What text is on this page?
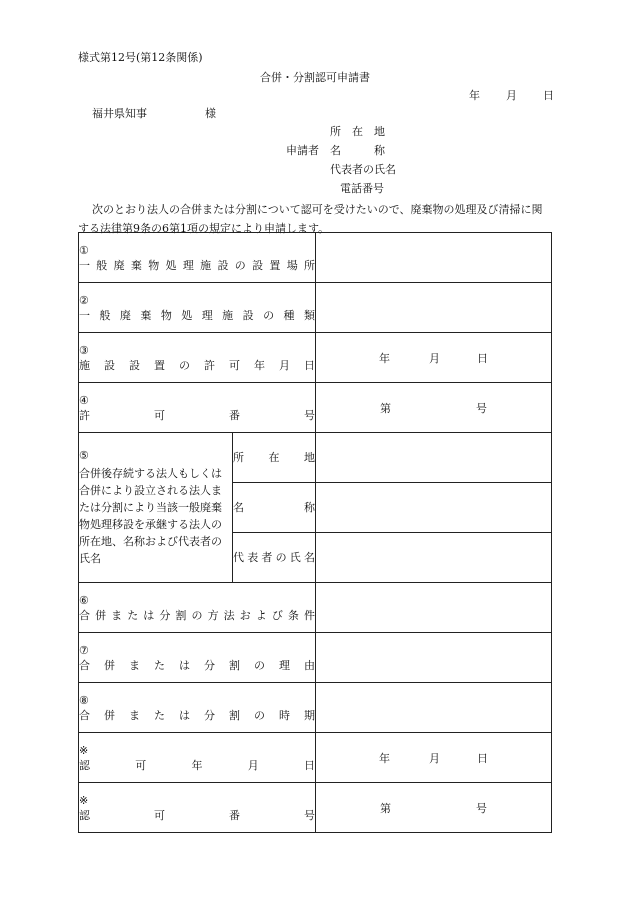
様式第12号(第12条関係)
合併・分割認可申請書
年 月 日
福井県知事	様
所　在　地
申請者	名　　　称
代表者の氏名
電話番号
次のとおり法人の合併または分割について認可を受けたいので、廃棄物の処理及び清掃に関する法律第9条の6第1項の規定により申請します。
①
一般廃棄物処理施設の設置場所		

②
一般廃棄物処理施設の種類		

③
施設設置の許可年月日		年 月 日

④
許可番号		第 号

⑤
合併後存続する法人もしくは合併により設立される法人または分割により当該一般廃棄物処理移設を承継する法人の所在地、名称および代表者の氏名	所　在　地	

	名　　　称	

	代表者の氏名	

⑥
合併または分割の方法および条件		

⑦
合併または分割の理由		

⑧
合併または分割の時期		

※
認可年月日		年 月 日

※
認可番号		第 号
